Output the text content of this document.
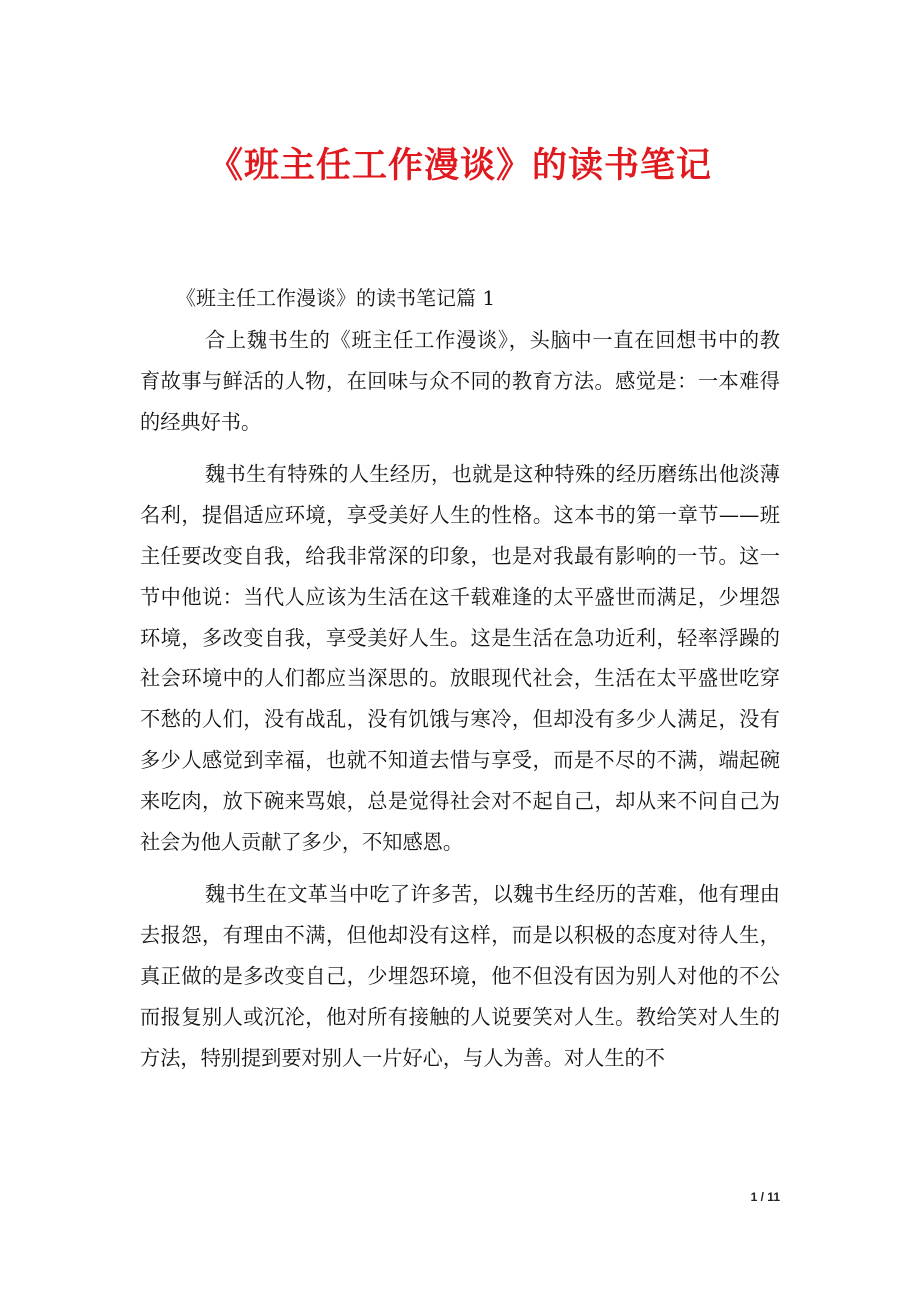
《班主任工作漫谈》的读书笔记
《班主任工作漫谈》的读书笔记篇 1

合上魏书生的《班主任工作漫谈》，头脑中一直在回想书中的教育故事与鲜活的人物，在回味与众不同的教育方法。感觉是：一本难得的经典好书。

魏书生有特殊的人生经历，也就是这种特殊的经历磨练出他淡薄名利，提倡适应环境，享受美好人生的性格。这本书的第一章节——班主任要改变自我，给我非常深的印象，也是对我最有影响的一节。这一节中他说：当代人应该为生活在这千载难逢的太平盛世而满足，少埋怨环境，多改变自我，享受美好人生。这是生活在急功近利，轻率浮躁的社会环境中的人们都应当深思的。放眼现代社会，生活在太平盛世吃穿不愁的人们，没有战乱，没有饥饿与寒冷，但却没有多少人满足，没有多少人感觉到幸福，也就不知道去惜与享受，而是不尽的不满，端起碗来吃肉，放下碗来骂娘，总是觉得社会对不起自己，却从来不问自己为社会为他人贡献了多少，不知感恩。

魏书生在文革当中吃了许多苦，以魏书生经历的苦难，他有理由去报怨，有理由不满，但他却没有这样，而是以积极的态度对待人生，真正做的是多改变自己，少埋怨环境，他不但没有因为别人对他的不公而报复别人或沉沦，他对所有接触的人说要笑对人生。教给笑对人生的方法，特别提到要对别人一片好心，与人为善。对人生的不

1 / 11
